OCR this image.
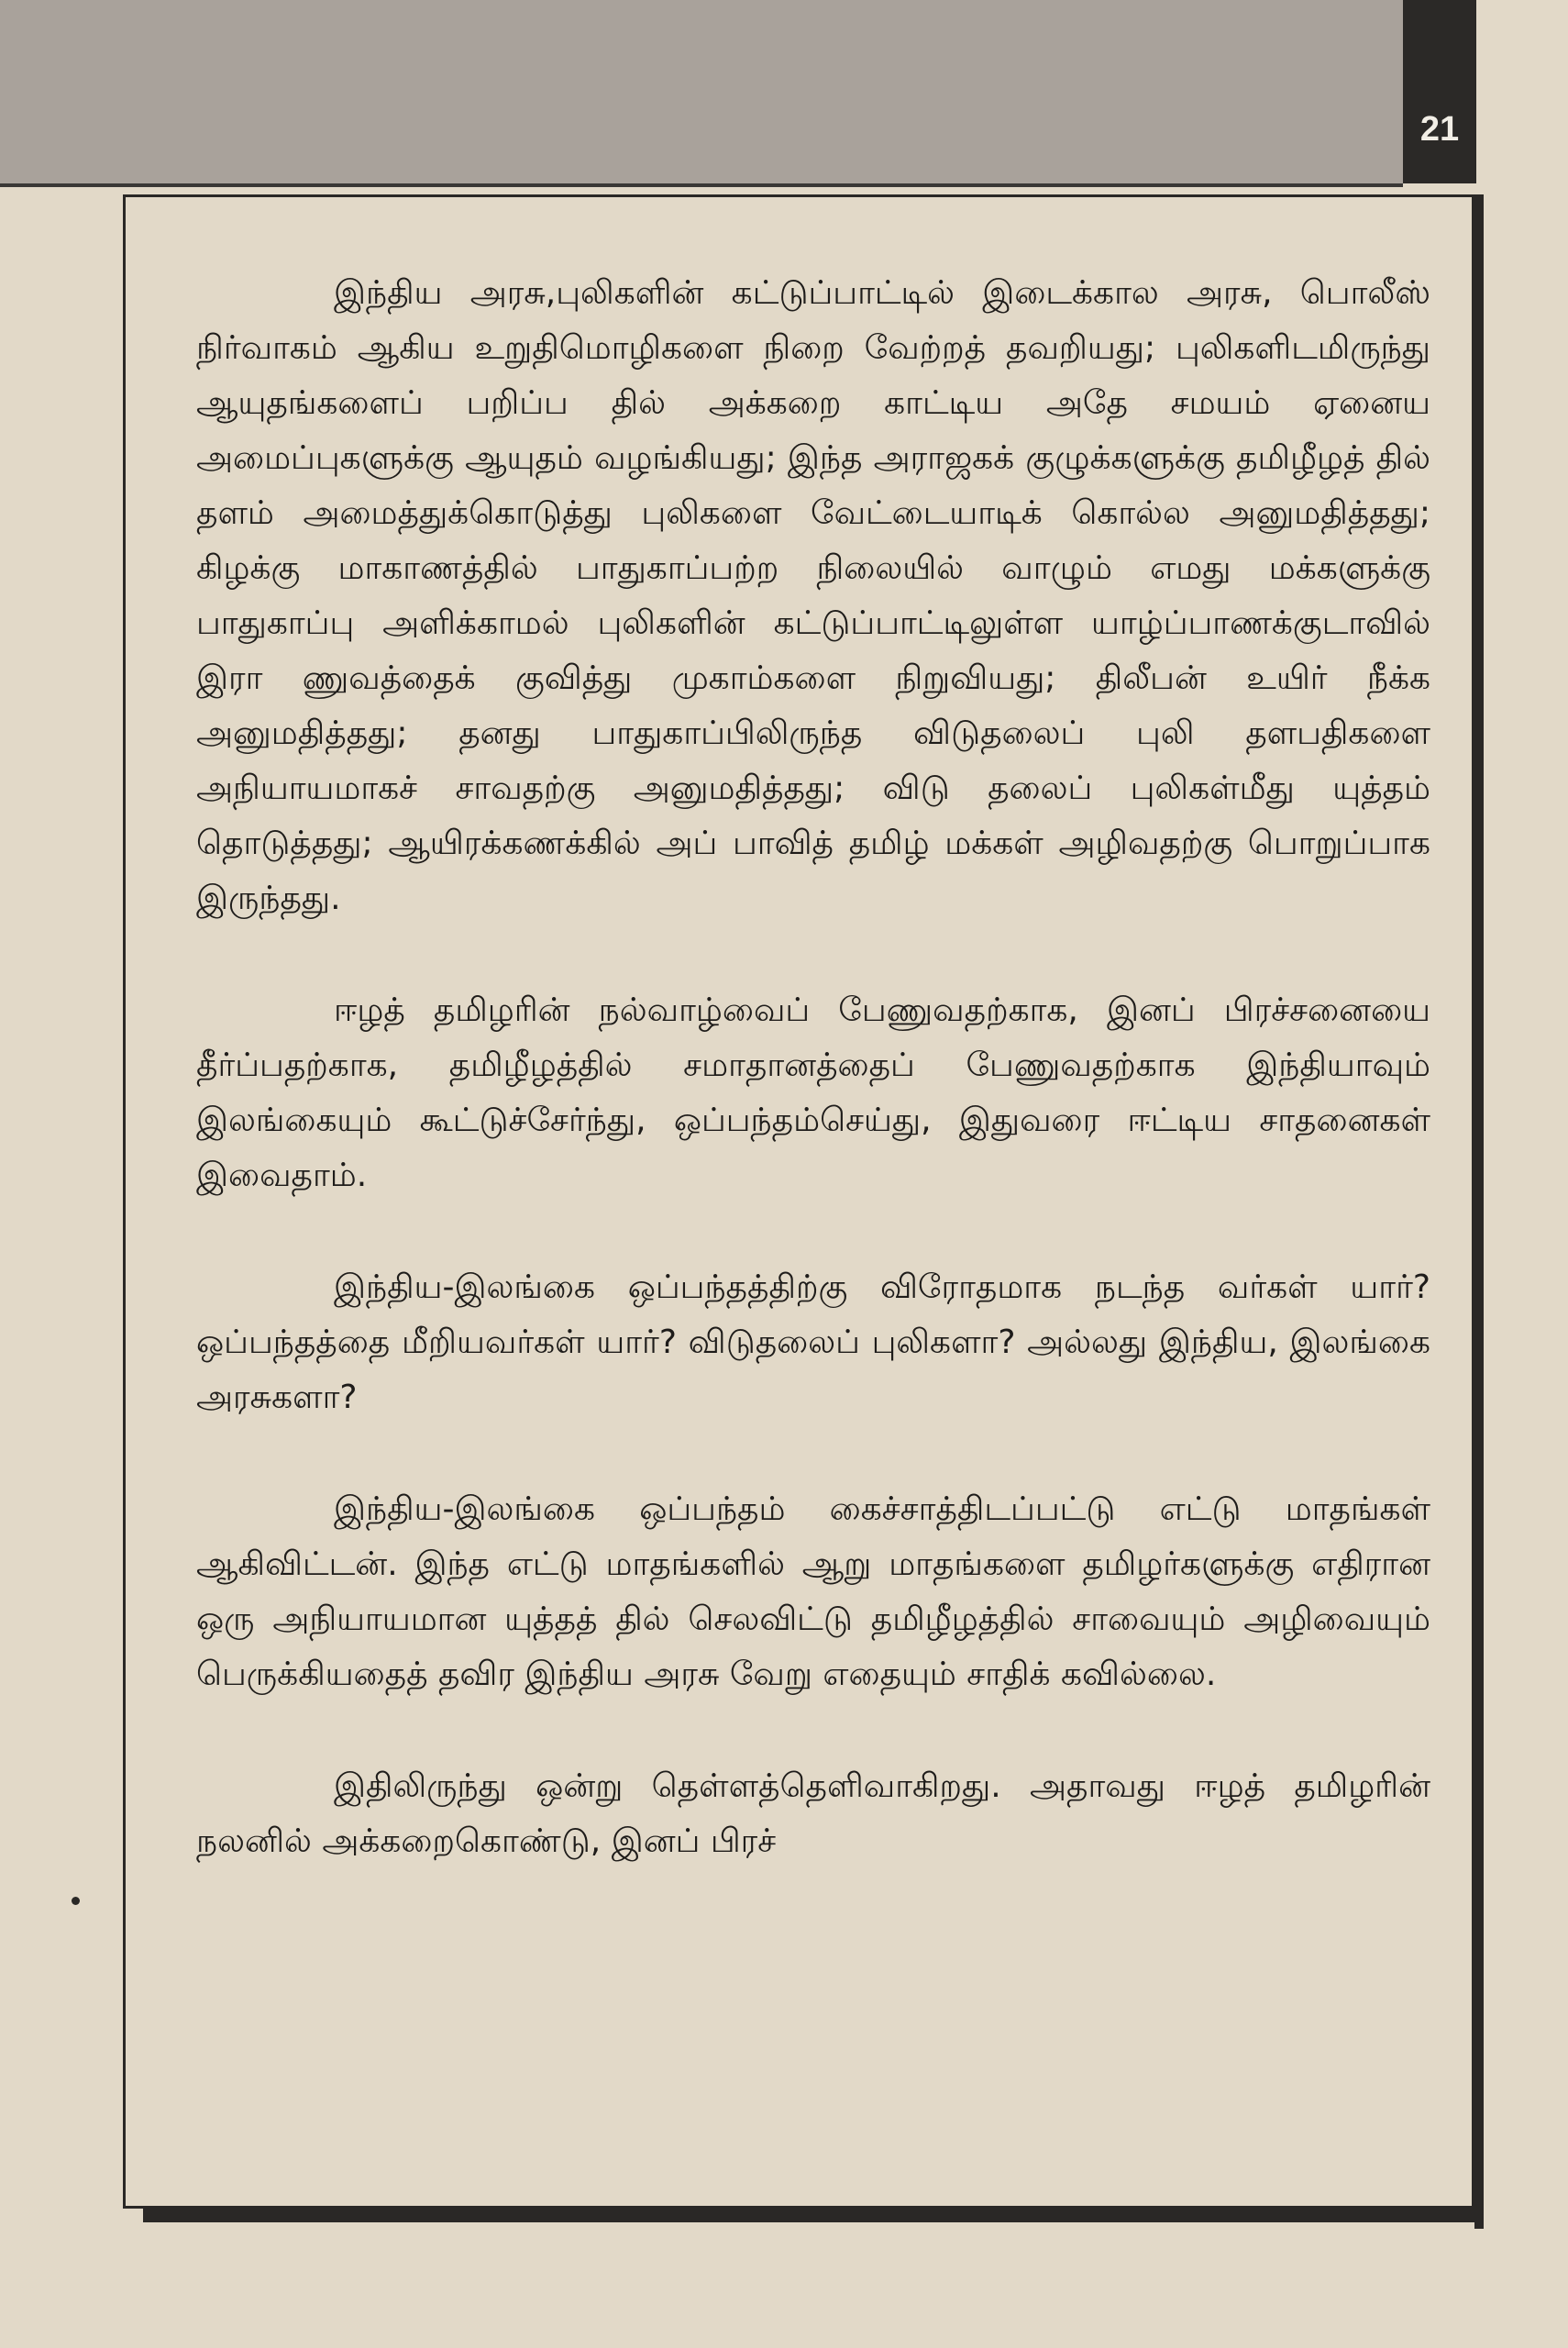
21

இந்திய அரசு,புலிகளின் கட்டுப்பாட்டில் இடைக்கால அரசு, பொலீஸ் நிர்வாகம் ஆகிய உறுதிமொழிகளை நிறை வேற்றத் தவறியது; புலிகளிடமிருந்து ஆயுதங்களைப் பறிப்ப தில் அக்கறை காட்டிய அதே சமயம் ஏனைய அமைப்புகளுக்கு ஆயுதம் வழங்கியது; இந்த அராஜகக் குழுக்களுக்கு தமிழீழத் தில் தளம் அமைத்துக்கொடுத்து புலிகளை வேட்டையாடிக் கொல்ல அனுமதித்தது; கிழக்கு மாகாணத்தில் பாதுகாப்பற்ற நிலையில் வாழும் எமது மக்களுக்கு பாதுகாப்பு அளிக்காமல் புலிகளின் கட்டுப்பாட்டிலுள்ள யாழ்ப்பாணக்குடாவில் இரா ணுவத்தைக் குவித்து முகாம்களை நிறுவியது; திலீபன் உயிர் நீக்க அனுமதித்தது; தனது பாதுகாப்பிலிருந்த விடுதலைப் புலி தளபதிகளை அநியாயமாகச் சாவதற்கு அனுமதித்தது; விடு தலைப் புலிகள்மீது யுத்தம் தொடுத்தது; ஆயிரக்கணக்கில் அப் பாவித் தமிழ் மக்கள் அழிவதற்கு பொறுப்பாக இருந்தது.

ஈழத் தமிழரின் நல்வாழ்வைப் பேணுவதற்காக, இனப் பிரச்சனையை தீர்ப்பதற்காக, தமிழீழத்தில் சமாதானத்தைப் பேணுவதற்காக இந்தியாவும் இலங்கையும் கூட்டுச்சேர்ந்து, ஒப்பந்தம்செய்து, இதுவரை ஈட்டிய சாதனைகள் இவைதாம்.

இந்திய-இலங்கை ஒப்பந்தத்திற்கு விரோதமாக நடந்த வர்கள் யார்? ஒப்பந்தத்தை மீறியவர்கள் யார்? விடுதலைப் புலிகளா? அல்லது இந்திய, இலங்கை அரசுகளா?

இந்திய-இலங்கை ஒப்பந்தம் கைச்சாத்திடப்பட்டு எட்டு மாதங்கள் ஆகிவிட்டன். இந்த எட்டு மாதங்களில் ஆறு மாதங்களை தமிழர்களுக்கு எதிரான ஒரு அநியாயமான யுத்தத் தில் செலவிட்டு தமிழீழத்தில் சாவையும் அழிவையும் பெருக்கியதைத் தவிர இந்திய அரசு வேறு எதையும் சாதிக் கவில்லை.

இதிலிருந்து ஒன்று தெள்ளத்தெளிவாகிறது. அதாவது ஈழத் தமிழரின் நலனில் அக்கறைகொண்டு, இனப் பிரச்
